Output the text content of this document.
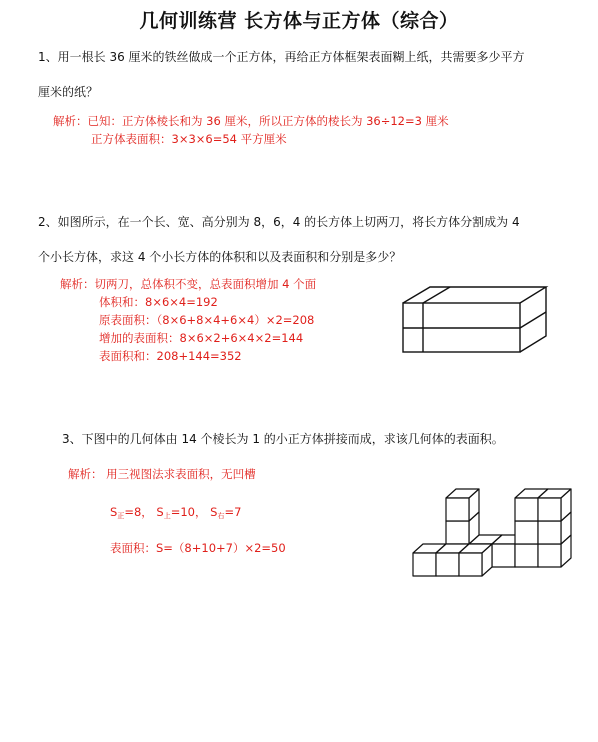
几何训练营 长方体与正方体（综合）
1、用一根长 36 厘米的铁丝做成一个正方体，再给正方体框架表面糊上纸，共需要多少平方
厘米的纸？
解析：已知：正方体棱长和为 36 厘米，所以正方体的棱长为 36÷12=3 厘米
正方体表面积：3×3×6=54 平方厘米
2、如图所示，在一个长、宽、高分别为 8，6，4 的长方体上切两刀，将长方体分割成为 4
个小长方体，求这 4 个小长方体的体积和以及表面积和分别是多少？
解析：切两刀，总体积不变，总表面积增加 4 个面
体积和：8×6×4=192
原表面积：（8×6+8×4+6×4）×2=208
增加的表面积：8×6×2+6×4×2=144
表面积和：208+144=352
3、下图中的几何体由 14 个棱长为 1 的小正方体拼接而成，求该几何体的表面积。
解析： 用三视图法求表面积，无凹槽
$S_正=8$， $S_上=10$， $S_右=7$
表面积：S=（8+10+7）×2=50
